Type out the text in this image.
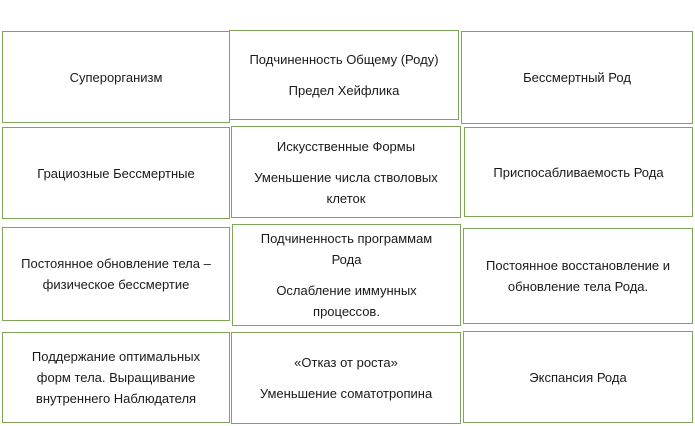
Суперорганизм
Подчиненность Общему (Роду)
Предел Хейфлика
Бессмертный Род
Грациозные Бессмертные
Искусственные Формы
Уменьшение числа стволовых
клеток
Приспосабливаемость Рода
Постоянное обновление тела –
физическое бессмертие
Подчиненность программам
Рода
Ослабление иммунных
процессов.
Постоянное восстановление и
обновление тела Рода.
Поддержание оптимальных
форм тела. Выращивание
внутреннего Наблюдателя
«Отказ от роста»
Уменьшение соматотропина
Экспансия Рода
